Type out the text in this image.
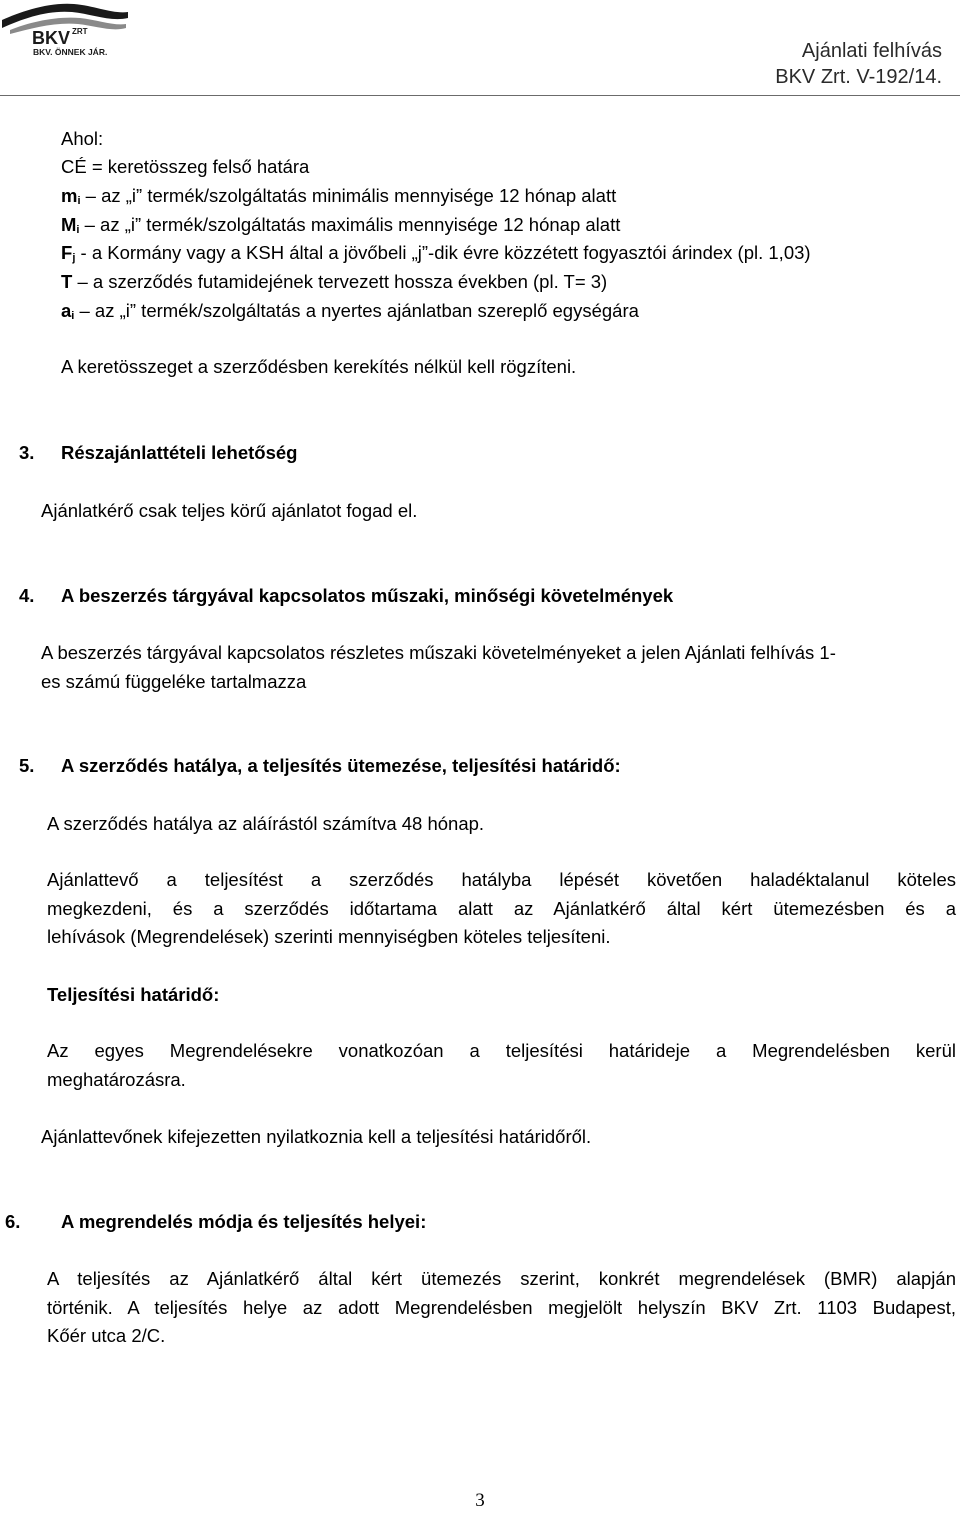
BKV ZRT
BKV. ÖNNEK JÁR.	Ajánlati felhívás
BKV Zrt. V-192/14.
Ahol:
CÉ = keretösszeg felső határa
$m_i$ – az „i” termék/szolgáltatás minimális mennyisége 12 hónap alatt
$M_i$ – az „i” termék/szolgáltatás maximális mennyisége 12 hónap alatt
$F_j$ - a Kormány vagy a KSH által a jövőbeli „j”-dik évre közzétett fogyasztói árindex (pl. 1,03)
T – a szerződés futamidejének tervezett hossza években (pl. T= 3)
$a_i$ – az „i” termék/szolgáltatás a nyertes ajánlatban szereplő egységára
A keretösszeget a szerződésben kerekítés nélkül kell rögzíteni.
3. Részajánlattételi lehetőség
Ajánlatkérő csak teljes körű ajánlatot fogad el.
4. A beszerzés tárgyával kapcsolatos műszaki, minőségi követelmények
A beszerzés tárgyával kapcsolatos részletes műszaki követelményeket a jelen Ajánlati felhívás 1-
es számú függeléke tartalmazza
5. A szerződés hatálya, a teljesítés ütemezése, teljesítési határidő:
A szerződés hatálya az aláírástól számítva 48 hónap.
Ajánlattevő a teljesítést a szerződés hatályba lépését követően haladéktalanul köteles
megkezdeni, és a szerződés időtartama alatt az Ajánlatkérő által kért ütemezésben és a
lehívások (Megrendelések) szerinti mennyiségben köteles teljesíteni.
Teljesítési határidő:
Az egyes Megrendelésekre vonatkozóan a teljesítési határideje a Megrendelésben kerül
meghatározásra.
Ajánlattevőnek kifejezetten nyilatkoznia kell a teljesítési határidőről.
6. A megrendelés módja és teljesítés helyei:
A teljesítés az Ajánlatkérő által kért ütemezés szerint, konkrét megrendelések (BMR) alapján
történik. A teljesítés helye az adott Megrendelésben megjelölt helyszín BKV Zrt. 1103 Budapest,
Kőér utca 2/C.
3
